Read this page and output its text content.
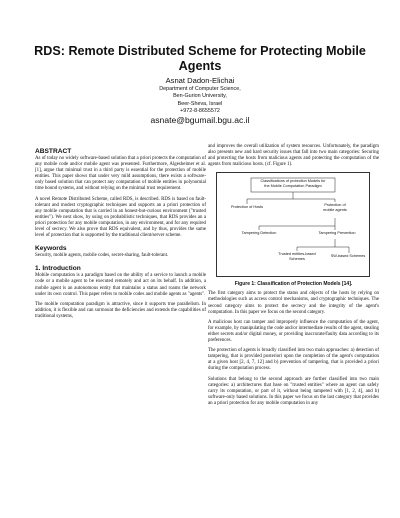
RDS: Remote Distributed Scheme for Protecting Mobile Agents
Asnat Dadon-Elichai
Department of Computer Science,
Ben-Gurion University,
Beer-Sheva, Israel
+972-8-8655572
asnate@bgumail.bgu.ac.il
ABSTRACT

As of today no widely software-based solution that a priori protects the computation of any mobile code and/or mobile agent was presented. Furthermore, Algesheimer et al. [1], argue that minimal trust in a third party is essential for the protection of mobile entities. This paper shows that under very mild assumptions, there exists a software-only based solution that can protect any computation of mobile entities in polynomial time bound systems, and without relying on the minimal trust requirement.

A novel Remote Distributed Scheme, called RDS, is described. RDS is based on fault-tolerant and modest cryptographic techniques and supports an a priori protection of any mobile computation that is carried in an honest-but-curious environment ("trusted entities"). We next show, by using on probabilistic techniques, that RDS provides an a priori protection for any mobile computation, in any environment, and for any required level of secrecy. We also prove that RDS equivalent, and by thus, provides the same level of protection that is supported by the traditional client/server scheme.

Keywords

Security, mobile agents, mobile codes, secret-sharing, fault-tolerant.

1. Introduction

Mobile computation is a paradigm based on the ability of a service to launch a mobile code or a mobile agent to be executed remotely and act on its behalf. In addition, a mobile agent is an autonomous entity that maintains a status and roams the network under its own control. This paper refers to mobile codes and mobile agents as "agents".

The mobile computation paradigm is attractive, since it supports true parallelism. In addition, it is flexible and can surmount the deficiencies and extends the capabilities of traditional systems,

and improves the overall utilization of system resources. Unfortunately, the paradigm also presents new and hard security issues that fall into two main categories: Securing and protecting the hosts from malicious agents and protecting the computation of the agents from malicious hosts. (cf. Figure 1).

Classifications of protection Models for
the Mobile Computation Paradigm
Protection of Hosts	Protection of
mobile agents
Tampering Detection	Tampering Prevention
Trusted entities-based
Schemes
SW-based Schemes
Figure 1: Classification of Protection Models [14].

The first category aims to protect the status and objects of the hosts by relying on methodologies such as access control mechanisms, and cryptographic techniques. The second category aims to protect the secrecy and the integrity of the agent's computation. In this paper we focus on the second category.

A malicious host can tamper and improperly influence the computation of the agent, for example, by manipulating the code and/or intermediate results of the agent, stealing either secrets and/or digital money, or providing inaccurate/faulty data according to its preferences.

The protection of agents is broadly classified into two main approaches: a) detection of tampering, that is provided posteriori upon the completion of the agent's computation at a given host [2, 4, 7, 12] and b) prevention of tampering, that is provided a priori during the computation process.

Solutions that belong to the second approach are further classified into two main categories: a) architectures that base on "trusted entities" where an agent can safely carry its computation, or part of it, without being tampered with [1, 2, 4], and b) software-only based solutions. In this paper we focus on the last category that provides an a priori protection for any mobile computation in any
